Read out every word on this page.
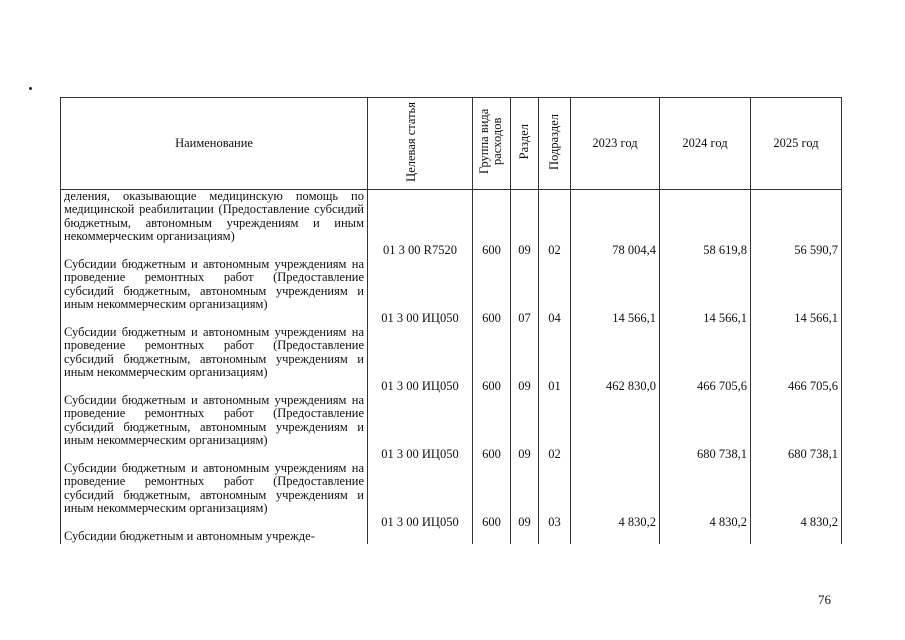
Наименование	Целевая статья	Группа вида расходов	Раздел	Подраздел	2023 год	2024 год	2025 год
деления, оказывающие медицинскую помощь по медицинской реабилитации (Предоставление субсидий бюджетным, автономным учреждениям и иным некоммерческим организациям)	01 3 00 R7520	600	09	02	78 004,4	58 619,8	56 590,7
Субсидии бюджетным и автономным учреждениям на проведение ремонтных работ (Предоставление субсидий бюджетным, автономным учреждениям и иным некоммерческим организациям)	01 3 00 ИЦ050	600	07	04	14 566,1	14 566,1	14 566,1
Субсидии бюджетным и автономным учреждениям на проведение ремонтных работ (Предоставление субсидий бюджетным, автономным учреждениям и иным некоммерческим организациям)	01 3 00 ИЦ050	600	09	01	462 830,0	466 705,6	466 705,6
Субсидии бюджетным и автономным учреждениям на проведение ремонтных работ (Предоставление субсидий бюджетным, автономным учреждениям и иным некоммерческим организациям)	01 3 00 ИЦ050	600	09	02		680 738,1	680 738,1
Субсидии бюджетным и автономным учреждениям на проведение ремонтных работ (Предоставление субсидий бюджетным, автономным учреждениям и иным некоммерческим организациям)	01 3 00 ИЦ050	600	09	03	4 830,2	4 830,2	4 830,2
Субсидии бюджетным и автономным учрежде-							
76
